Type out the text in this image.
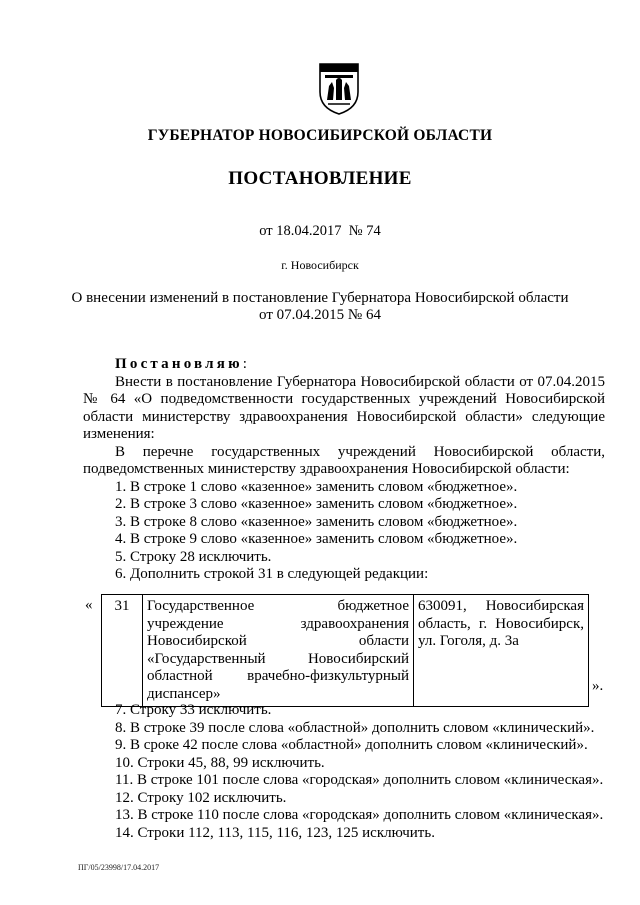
ГУБЕРНАТОР НОВОСИБИРСКОЙ ОБЛАСТИ
ПОСТАНОВЛЕНИЕ
от 18.04.2017  № 74
г. Новосибирск
О внесении изменений в постановление Губернатора Новосибирской области
от 07.04.2015 № 64
Постановляю:
Внести в постановление Губернатора Новосибирской области от 07.04.2015 № 64 «О подведомственности государственных учреждений Новосибирской области министерству здравоохранения Новосибирской области» следующие изменения:
В перечне государственных учреждений Новосибирской области, подведомственных министерству здравоохранения Новосибирской области:
1. В строке 1 слово «казенное» заменить словом «бюджетное».
2. В строке 3 слово «казенное» заменить словом «бюджетное».
3. В строке 8 слово «казенное» заменить словом «бюджетное».
4. В строке 9 слово «казенное» заменить словом «бюджетное».
5. Строку 28 исключить.
6. Дополнить строкой 31 в следующей редакции:
« 31	Государственное бюджетное учреждение здравоохранения Новосибирской области «Государственный Новосибирский областной врачебно-физкультурный диспансер»	630091, Новосибирская область, г. Новосибирск, ул. Гоголя, д. 3а
».
7. Строку 33 исключить.
8. В строке 39 после слова «областной» дополнить словом «клинический».
9. В сроке 42 после слова «областной» дополнить словом «клинический».
10. Строки 45, 88, 99 исключить.
11. В строке 101 после слова «городская» дополнить словом «клиническая».
12. Строку 102 исключить.
13. В строке 110 после слова «городская» дополнить словом «клиническая».
14. Строки 112, 113, 115, 116, 123, 125 исключить.
ПГ/05/23998/17.04.2017
